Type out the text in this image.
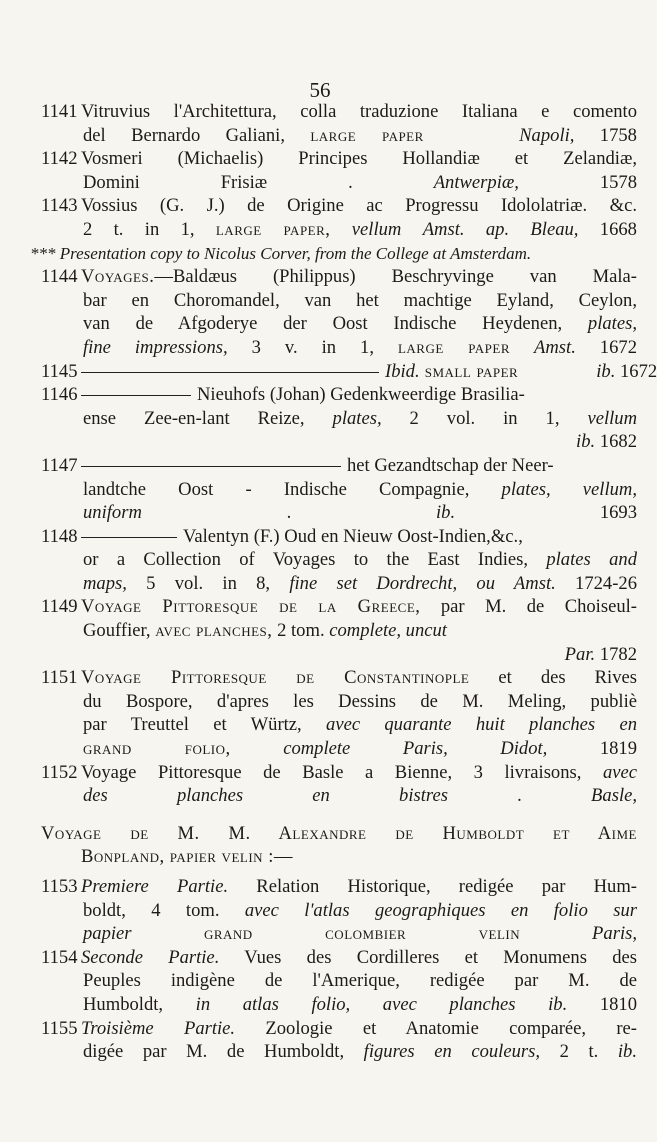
56
1141 Vitruvius l'Architettura, colla traduzione Italiana e comento
del Bernardo Galiani, large paper	Napoli, 1758
1142 Vosmeri (Michaelis) Principes Hollandiæ et Zelandiæ,
Domini Frisiæ	.	Antwerpiæ, 1578
1143 Vossius (G. J.) de Origine ac Progressu Idololatriæ. &c.
2 t. in 1, large paper, vellum Amst. ap. Bleau, 1668
*** Presentation copy to Nicolus Corver, from the College at Amsterdam.
1144 Voyages.—Baldæus (Philippus) Beschryvinge van Mala-
bar en Choromandel, van het machtige Eyland, Ceylon,
van de Afgoderye der Oost Indische Heydenen, plates,
fine impressions, 3 v. in 1, large paper Amst. 1672
1145	Ibid. small paper	ib. 1672
1146	Nieuhofs (Johan) Gedenkweerdige Brasilia-
ense Zee-en-lant Reize, plates, 2 vol. in 1, vellum
ib. 1682
1147	het Gezandtschap der Neer-
landtche Oost - Indische Compagnie, plates, vellum,
uniform	.	ib. 1693
1148	Valentyn (F.) Oud en Nieuw Oost-Indien,&c.,
or a Collection of Voyages to the East Indies, plates and
maps, 5 vol. in 8, fine set Dordrecht, ou Amst. 1724-26
1149 Voyage Pittoresque de la Greece, par M. de Choiseul-
Gouffier, avec planches, 2 tom. complete, uncut
Par. 1782
1151 Voyage Pittoresque de Constantinople et des Rives
du Bospore, d'apres les Dessins de M. Meling, publiè
par Treuttel et Würtz, avec quarante huit planches en
grand folio, complete	Paris, Didot, 1819
1152 Voyage Pittoresque de Basle a Bienne, 3 livraisons, avec
des planches en bistres	.	Basle,
Voyage de M. M. Alexandre de Humboldt et Aime
Bonpland, papier velin :—
1153 Premiere Partie. Relation Historique, redigée par Hum-
boldt, 4 tom. avec l'atlas geographiques en folio sur
papier grand colombier velin	Paris,
1154 Seconde Partie. Vues des Cordilleres et Monumens des
Peuples indigène de l'Amerique, redigée par M. de
Humboldt, in atlas folio, avec planches ib. 1810
1155 Troisième Partie. Zoologie et Anatomie comparée, re-
digée par M. de Humboldt, figures en couleurs, 2 t. ib.
